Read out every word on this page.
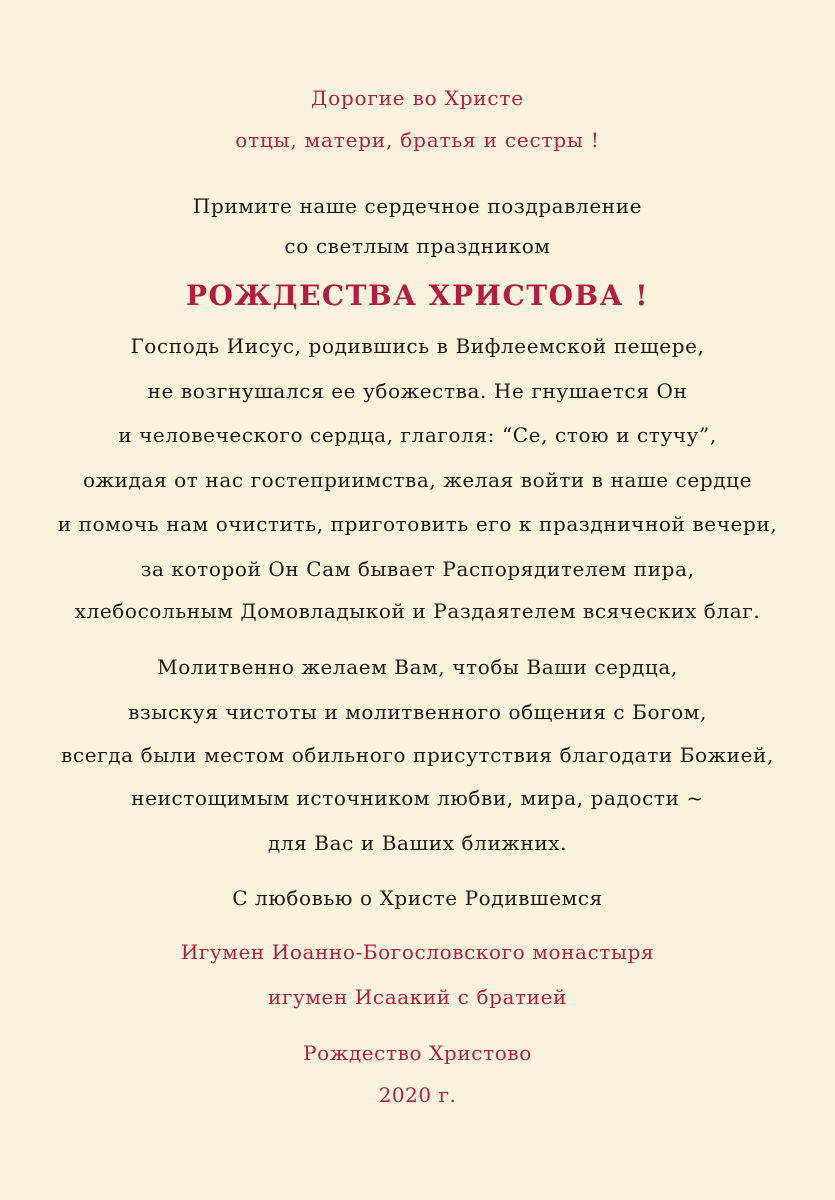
Дорогие во Христе
отцы, матери, братья и сестры !
Примите наше сердечное поздравление
со светлым праздником
РОЖДЕСТВА ХРИСТОВА !
Господь Иисус, родившись в Вифлеемской пещере,
не возгнушался ее убожества. Не гнушается Он
и человеческого сердца, глаголя: “Се, стою и стучу”,
ожидая от нас гостеприимства, желая войти в наше сердце
и помочь нам очистить, приготовить его к праздничной вечери,
за которой Он Сам бывает Распорядителем пира,
хлебосольным Домовладыкой и Раздаятелем всяческих благ.
Молитвенно желаем Вам, чтобы Ваши сердца,
взыскуя чистоты и молитвенного общения с Богом,
всегда были местом обильного присутствия благодати Божией,
неистощимым источником любви, мира, радости ~
для Вас и Ваших ближних.
С любовью о Христе Родившемся
Игумен Иоанно-Богословского монастыря
игумен Исаакий с братией
Рождество Христово
2020 г.
